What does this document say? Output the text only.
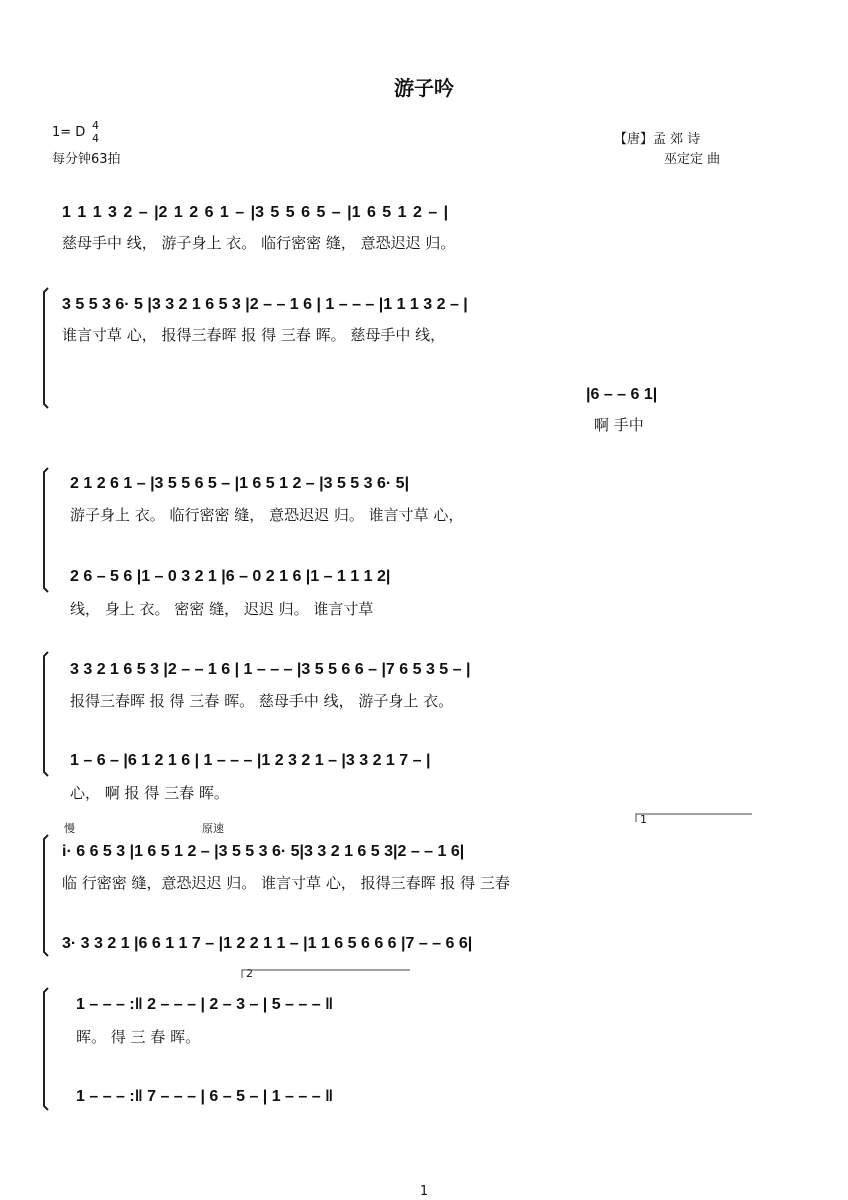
游子吟
1= D 4
4
每分钟63拍
【唐】孟 郊 诗
巫定定 曲
1 1 1 3 2 – |2 1 2 6 1 – |3 5 5 6 5 – |1 6 5 1 2 – |
慈母手中 线， 游子身上 衣。 临行密密 缝， 意恐迟迟 归。
3 5 5 3 6· 5 |3 3 2 1 6 5 3 |2 – – 1 6 | 1 – – – |1 1 1 3 2 – |
谁言寸草 心， 报得三春晖 报 得 三春 晖。 慈母手中 线，
|6 – – 6 1|
啊 手中
2 1 2 6 1 – |3 5 5 6 5 – |1 6 5 1 2 – |3 5 5 3 6· 5|
游子身上 衣。 临行密密 缝， 意恐迟迟 归。 谁言寸草 心，
2 6 – 5 6 |1 – 0 3 2 1 |6 – 0 2 1 6 |1 – 1 1 1 2|
线， 身上 衣。 密密 缝， 迟迟 归。 谁言寸草
3 3 2 1 6 5 3 |2 – – 1 6 | 1 – – – |3 5 5 6 6 – |7 6 5 3 5 – |
报得三春晖 报 得 三春 晖。 慈母手中 线， 游子身上 衣。
1 – 6 – |6 1 2 1 6 | 1 – – – |1 2 3 2 1 – |3 3 2 1 7 – |
心， 啊 报 得 三春 晖。
慢	原速
1
i· 6 6 5 3 |1 6 5 1 2 – |3 5 5 3 6· 5|3 3 2 1 6 5 3|2 – – 1 6|
临 行密密 缝，意恐迟迟 归。 谁言寸草 心， 报得三春晖 报 得 三春
3· 3 3 2 1 |6 6 1 1 7 – |1 2 2 1 1 – |1 1 6 5 6 6 6 |7 – – 6 6|
2
1 – – – :‖ 2 – – – | 2 – 3 – | 5 – – – ‖
晖。 得 三 春 晖。
1 – – – :‖ 7 – – – | 6 – 5 – | 1 – – – ‖
1
